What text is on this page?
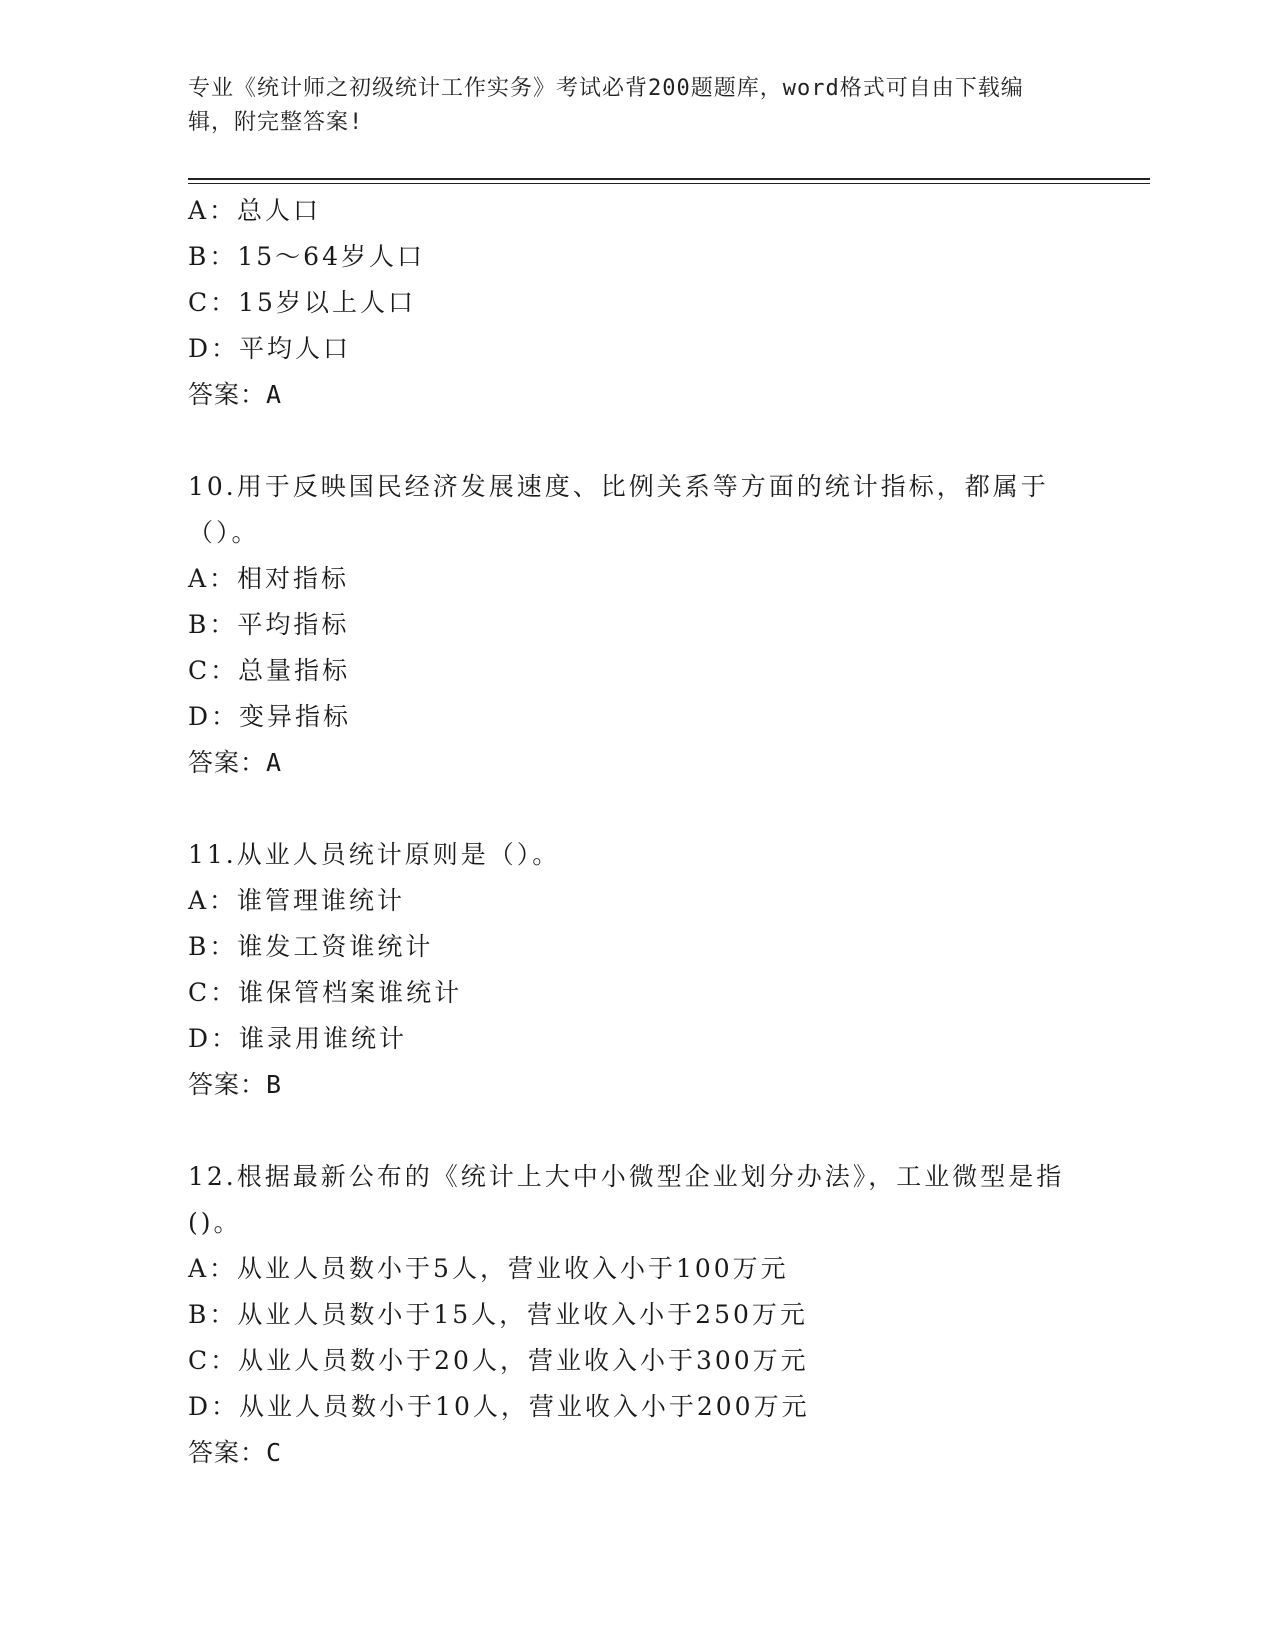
专业《统计师之初级统计工作实务》考试必背200题题库，word格式可自由下载编辑，附完整答案!
A：总人口
B：15～64岁人口
C：15岁以上人口
D：平均人口
答案：A
10.用于反映国民经济发展速度、比例关系等方面的统计指标，都属于（）。
A：相对指标
B：平均指标
C：总量指标
D：变异指标
答案：A
11.从业人员统计原则是（）。
A：谁管理谁统计
B：谁发工资谁统计
C：谁保管档案谁统计
D：谁录用谁统计
答案：B
12.根据最新公布的《统计上大中小微型企业划分办法》，工业微型是指()。
A：从业人员数小于5人，营业收入小于100万元
B：从业人员数小于15人，营业收入小于250万元
C：从业人员数小于20人，营业收入小于300万元
D：从业人员数小于10人，营业收入小于200万元
答案：C
